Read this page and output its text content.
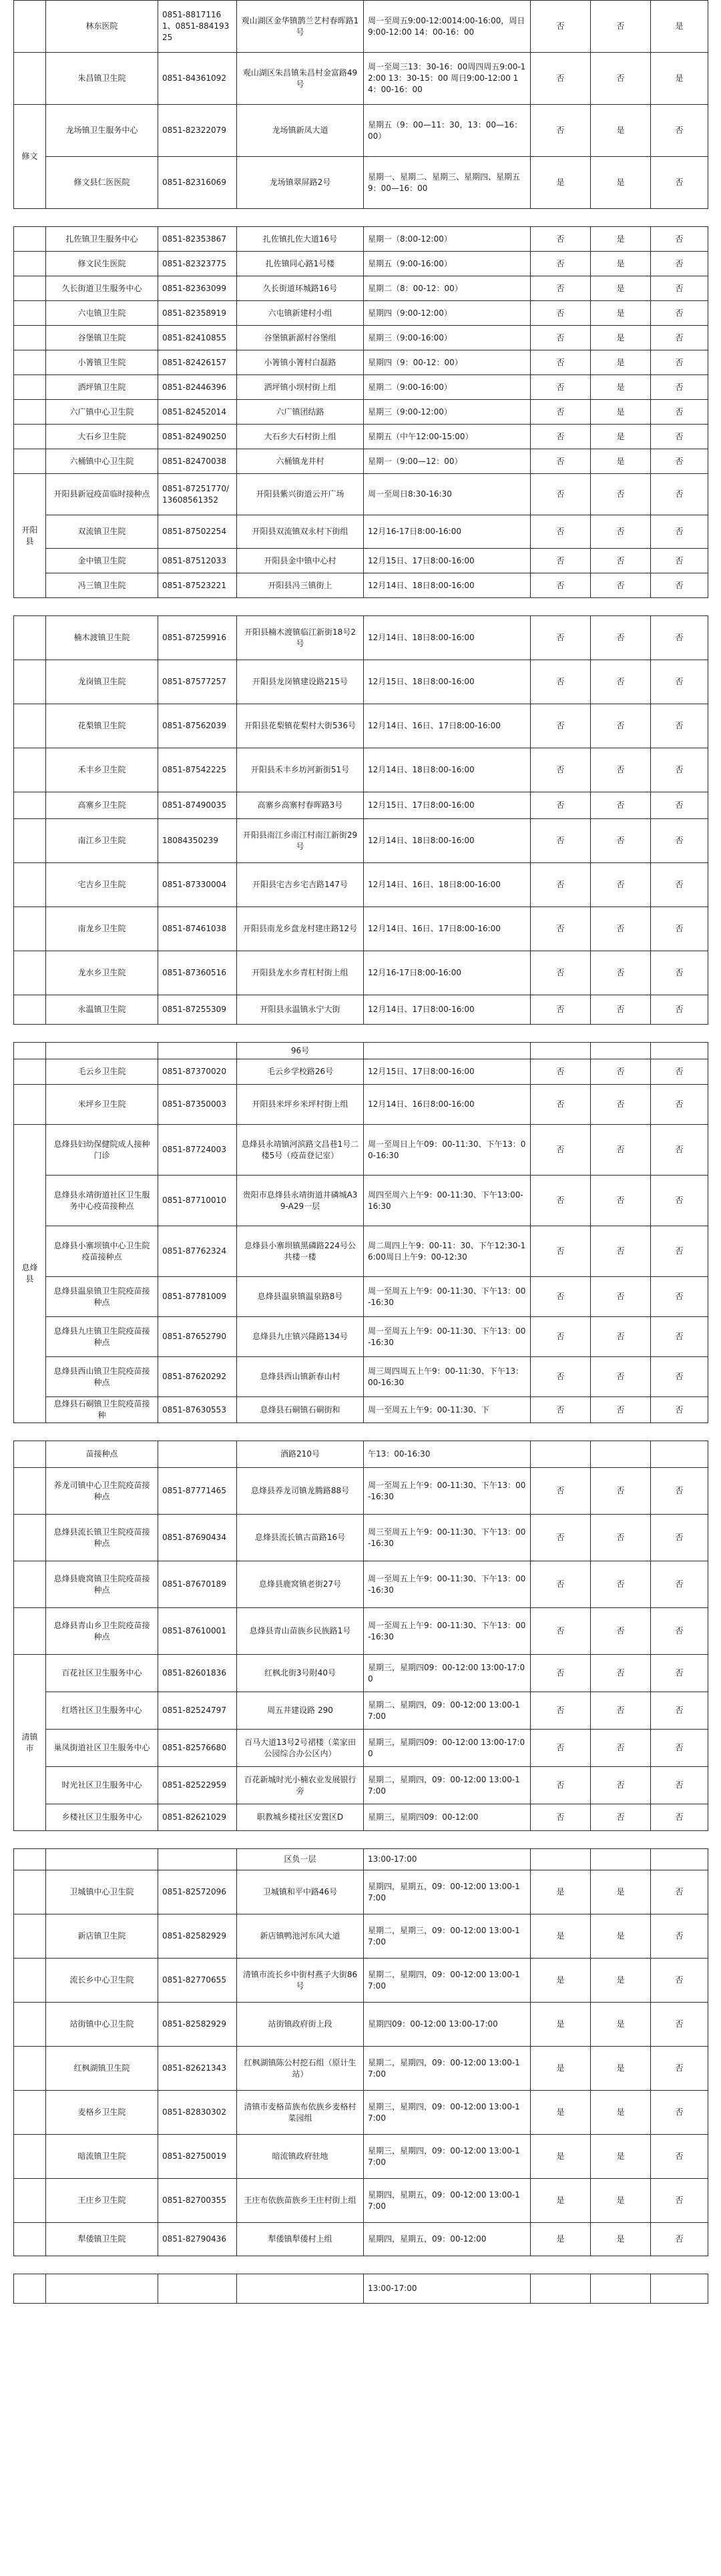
	林东医院	0851-88171161、0851-88419325	观山湖区金华镇鹊兰艺村春晖路1号	周一至周五9:00-12:0014:00-16:00，周日9:00-12:00 14：00-16：00	否	否	是
	朱昌镇卫生院	0851-84361092	观山湖区朱昌镇朱昌村金富路49号	周一至周三13：30-16：00周四周五9:00-12:00 13：30-15：00 周日9:00-12:00 14：00-16：00	否	否	是
修文	龙场镇卫生服务中心	0851-82322079	龙场镇新凤大道	星期五（9：00—11：30，13：00—16：00）	否	是	否
	修文县仁医医院	0851-82316069	龙场镇翠屏路2号	星期一、星期二、星期三、星期四、星期五9：00—16：00	是	是	否
	扎佐镇卫生服务中心	0851-82353867	扎佐镇扎佐大道16号	星期一（8:00-12:00）	否	是	否
	修文民生医院	0851-82323775	扎佐镇同心路1号楼	星期五（9:00-16:00）	否	是	否
	久长街道卫生服务中心	0851-82363099	久长街道环城路16号	星期二（8：00-12：00）	否	是	否
	六屯镇卫生院	0851-82358919	六屯镇新建村小组	星期四（9:00-12:00）	否	是	否
	谷堡镇卫生院	0851-82410855	谷堡镇新源村谷堡组	星期三（9:00-16:00）	否	是	否
	小箐镇卫生院	0851-82426157	小箐镇小箐村白磊路	星期四（9：00-12：00）	否	是	否
	洒坪镇卫生院	0851-82446396	洒坪镇小坝村街上组	星期二（9:00-16:00）	否	是	否
	六广镇中心卫生院	0851-82452014	六广镇团结路	星期三（9:00-12:00）	否	是	否
	大石乡卫生院	0851-82490250	大石乡大石村街上组	星期五（中午12:00-15:00）	否	是	否
	六桶镇中心卫生院	0851-82470038	六桶镇龙井村	星期一（9:00—12：00）	否	是	否
开阳县	开阳县新冠疫苗临时接种点	0851-87251770/13608561352	开阳县紫兴街道云开广场	周一至周日8:30-16:30	否	否	否
	双流镇卫生院	0851-87502254	开阳县双流镇双永村下街组	12月16-17日8:00-16:00	否	否	否
	金中镇卫生院	0851-87512033	开阳县金中镇中心村	12月15日、17日8:00-16:00	否	否	否
	冯三镇卫生院	0851-87523221	开阳县冯三镇街上	12月14日、18日8:00-16:00	否	否	否
	楠木渡镇卫生院	0851-87259916	开阳县楠木渡镇临江新街18号2号	12月14日、18日8:00-16:00	否	否	否
	龙岗镇卫生院	0851-87577257	开阳县龙岗镇建设路215号	12月15日、18日8:00-16:00	否	否	否
	花梨镇卫生院	0851-87562039	开阳县花梨镇花梨村大街536号	12月14日、16日、17日8:00-16:00	否	否	否
	禾丰乡卫生院	0851-87542225	开阳县禾丰乡坊河新街51号	12月14日、18日8:00-16:00	否	否	否
	高寨乡卫生院	0851-87490035	高寨乡高寨村春晖路3号	12月15日、17日8:00-16:00	否	否	否
	南江乡卫生院	18084350239	开阳县南江乡南江村南江新街29号	12月14日、18日8:00-16:00	否	否	否
	宅吉乡卫生院	0851-87330004	开阳县宅吉乡宅吉路147号	12月14日、16日、18日8:00-16:00	否	否	否
	南龙乡卫生院	0851-87461038	开阳县南龙乡盘龙村建庄路12号	12月14日、16日、17日8:00-16:00	否	否	否
	龙水乡卫生院	0851-87360516	开阳县龙水乡青杠村街上组	12月16-17日8:00-16:00	否	否	否
	永温镇卫生院	0851-87255309	开阳县永温镇永宁大街	12月14日、17日8:00-16:00	否	否	否
			96号				
	毛云乡卫生院	0851-87370020	毛云乡学校路26号	12月15日、17日8:00-16:00	否	否	否
	米坪乡卫生院	0851-87350003	开阳县米坪乡米坪村街上组	12月14日、16日8:00-16:00	否	否	否
息烽县	息烽县妇幼保健院成人接种门诊	0851-87724003	息烽县永靖镇河滨路文昌巷1号二楼5号（疫苗登记室）	周一至周日上午09：00-11:30、下午13：00-16:30	否	否	否
	息烽县永靖街道社区卫生服务中心疫苗接种点	0851-87710010	贵阳市息烽县永靖街道井磷城A39-A29一层	周四至周六上午9：00-11:30、下午13:00-16:30	否	否	否
	息烽县小寨坝镇中心卫生院疫苗接种点	0851-87762324	息烽县小寨坝镇黑磷路224号公共楼一楼	周二周四上午9：00-11：30、下午12:30-16:00周日上午9：00-12:30	否	否	否
	息烽县温泉镇卫生院疫苗接种点	0851-87781009	息烽县温泉镇温泉路8号	周一至周五上午9：00-11:30、下午13：00-16:30	否	否	否
	息烽县九庄镇卫生院疫苗接种点	0851-87652790	息烽县九庄镇兴隆路134号	周一至周五上午9：00-11:30、下午13：00-16:30	否	否	否
	息烽县西山镇卫生院疫苗接种点	0851-87620292	息烽县西山镇新春山村	周三周四周五上午9：00-11:30、下午13：00-16:30	否	否	否
	息烽县石硐镇卫生院疫苗接种	0851-87630553	息烽县石硐镇石硐街和	周一至周五上午9：00-11:30、下	否	否	否
	苗接种点		酒路210号	午13：00-16:30			
	养龙司镇中心卫生院疫苗接种点	0851-87771465	息烽县养龙司镇龙腾路88号	周一至周五上午9：00-11:30、下午13：00-16:30	否	否	否
	息烽县流长镇卫生院疫苗接种点	0851-87690434	息烽县流长镇古苗路16号	周三至周五上午9：00-11:30、下午13：00-16:30	否	否	否
	息烽县鹿窝镇卫生院疫苗接种点	0851-87670189	息烽县鹿窝镇老街27号	周一至周五上午9：00-11:30、下午13：00-16:30	否	否	否
	息烽县青山乡卫生院疫苗接种点	0851-87610001	息烽县青山苗族乡民族路1号	周一至周五上午9：00-11:30、下午13：00-16:30	否	否	否
清镇市	百花社区卫生服务中心	0851-82601836	红枫北街3号附40号	星期三，星期四09：00-12:00 13:00-17:00	否	否	否
	红塔社区卫生服务中心	0851-82524797	周五井建设路 290	星期二、星期四，09：00-12:00 13:00-17:00	否	否	否
	巢凤街道社区卫生服务中心	0851-82576680	百马大道13号2号裙楼（菜家田公园综合办公区内）	星期三，星期四09：00-12:00 13:00-17:00	否	否	否
	时光社区卫生服务中心	0851-82522959	百花新城时光小楠农业发展银行旁	星期二，星期四，09：00-12:00 13:00-17:00	否	否	否
	乡楼社区卫生服务中心	0851-82621029	职教城乡楼社区安置区D	星期三，星期四09：00-12:00	否	否	否
			区负一层	13:00-17:00			
	卫城镇中心卫生院	0851-82572096	卫城镇和平中路46号	星期四，星期五，09：00-12:00 13:00-17:00	是	是	否
	新店镇卫生院	0851-82582929	新店镇鸭池河东风大道	星期二，星期三，09：00-12:00 13:00-17:00	是	是	否
	流长乡中心卫生院	0851-82770655	清镇市流长乡中街村燕子大街86号	星期二，星期四，09：00-12:00 13:00-17:00	是	是	否
	站街镇中心卫生院	0851-82582929	站街镇政府街上段	星期四09：00-12:00 13:00-17:00	是	是	否
	红枫湖镇卫生院	0851-82621343	红枫湖镇陈公村挖石组（原计生站）	星期二，星期四，09：00-12:00 13:00-17:00	是	是	否
	麦格乡卫生院	0851-82830302	清镇市麦格苗族布依族乡麦格村菜园组	星期三，星期四，09：00-12:00 13:00-17:00	是	是	否
	暗流镇卫生院	0851-82750019	暗流镇政府驻地	星期三，星期四，09：00-12:00 13:00-17:00	是	是	否
	王庄乡卫生院	0851-82700355	王庄布依族苗族乡王庄村街上组	星期四，星期五，09：00-12:00 13:00-17:00	是	是	否
	犁倭镇卫生院	0851-82790436	犁倭镇犁倭村上组	星期四，星期五，09：00-12:00	是	是	否
				13:00-17:00			
